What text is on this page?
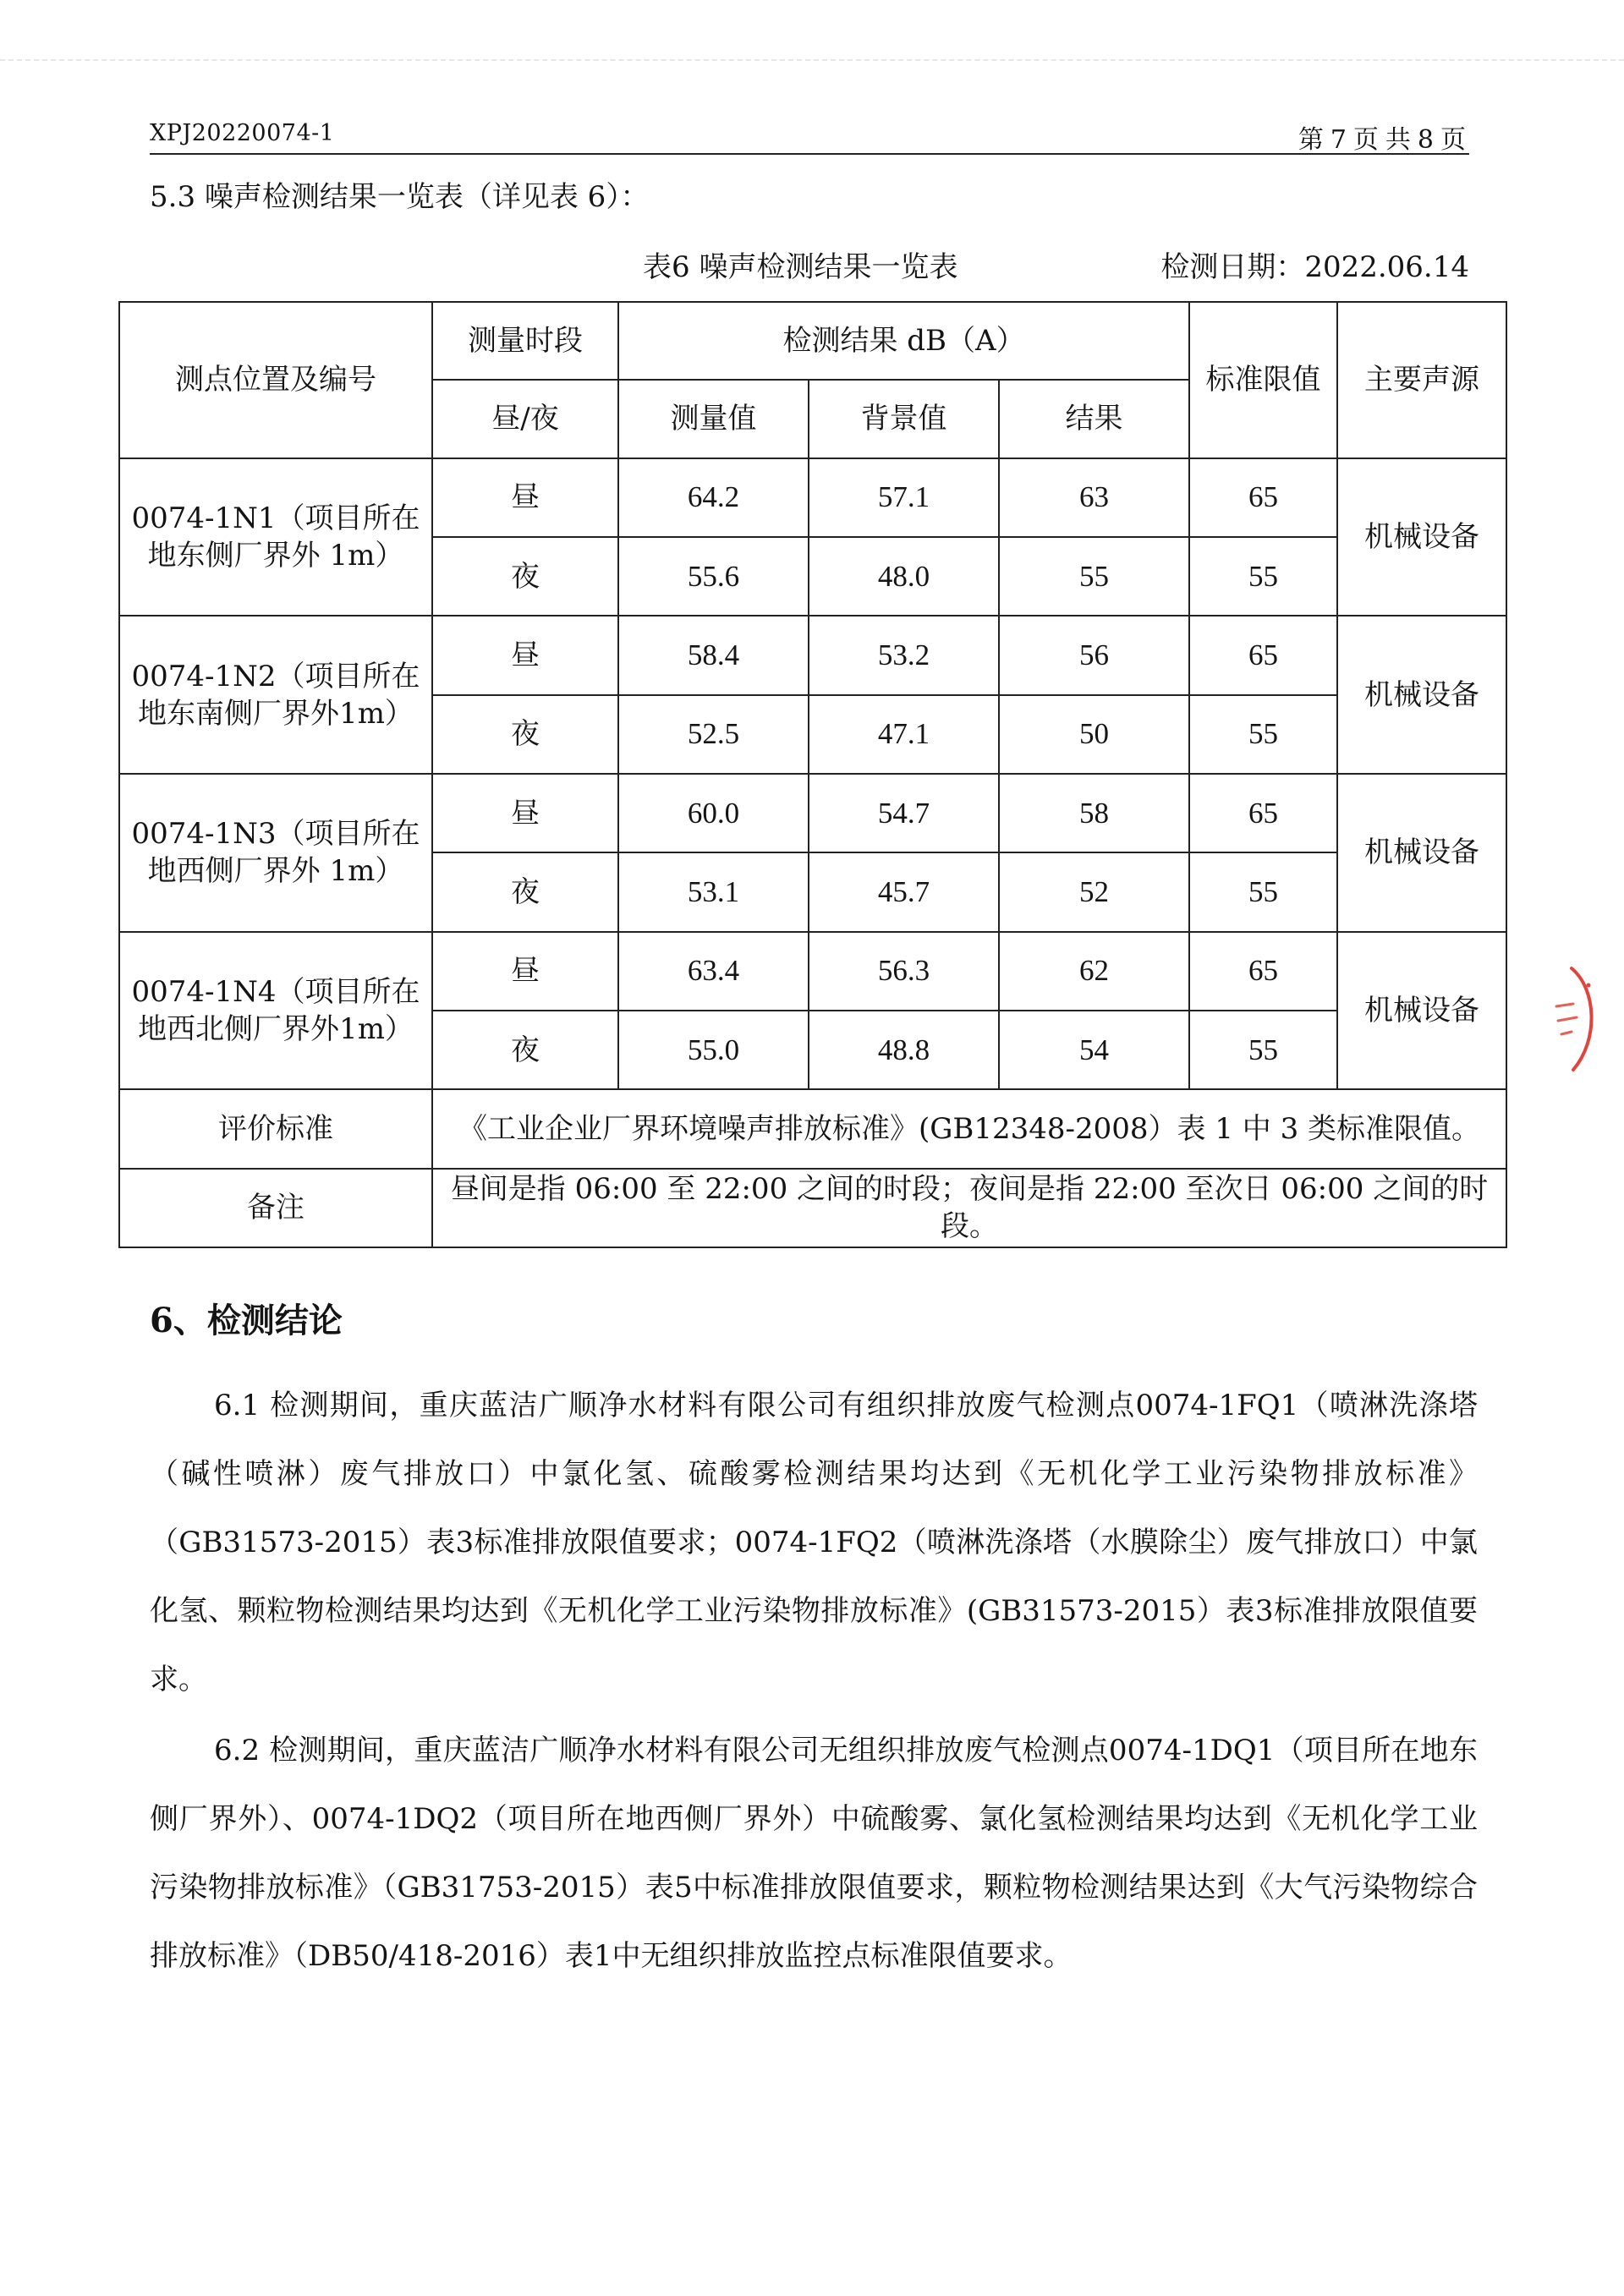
XPJ20220074-1	第 7 页 共 8 页
5.3 噪声检测结果一览表（详见表 6）：
表6 噪声检测结果一览表	检测日期：2022.06.14
测点位置及编号	测量时段	检测结果 dB（A）			标准限值	主要声源
	昼/夜	测量值	背景值	结果		
0074-1N1（项目所在地东侧厂界外 1m）	昼	64.2	57.1	63	65	机械设备
	夜	55.6	48.0	55	55	
0074-1N2（项目所在地东南侧厂界外1m）	昼	58.4	53.2	56	65	机械设备
	夜	52.5	47.1	50	55	
0074-1N3（项目所在地西侧厂界外 1m）	昼	60.0	54.7	58	65	机械设备
	夜	53.1	45.7	52	55	
0074-1N4（项目所在地西北侧厂界外1m）	昼	63.4	56.3	62	65	机械设备
	夜	55.0	48.8	54	55	
评价标准	《工业企业厂界环境噪声排放标准》(GB12348-2008）表 1 中 3 类标准限值。					
备注	昼间是指 06:00 至 22:00 之间的时段；夜间是指 22:00 至次日 06:00 之间的时段。					
6、检测结论
6.1 检测期间，重庆蓝洁广顺净水材料有限公司有组织排放废气检测点0074-1FQ1（喷淋洗涤塔（碱性喷淋）废气排放口）中氯化氢、硫酸雾检测结果均达到《无机化学工业污染物排放标准》（GB31573-2015）表3标准排放限值要求；0074-1FQ2（喷淋洗涤塔（水膜除尘）废气排放口）中氯化氢、颗粒物检测结果均达到《无机化学工业污染物排放标准》(GB31573-2015）表3标准排放限值要求。
6.2 检测期间，重庆蓝洁广顺净水材料有限公司无组织排放废气检测点0074-1DQ1（项目所在地东侧厂界外）、0074-1DQ2（项目所在地西侧厂界外）中硫酸雾、氯化氢检测结果均达到《无机化学工业污染物排放标准》（GB31753-2015）表5中标准排放限值要求，颗粒物检测结果达到《大气污染物综合排放标准》（DB50/418-2016）表1中无组织排放监控点标准限值要求。
